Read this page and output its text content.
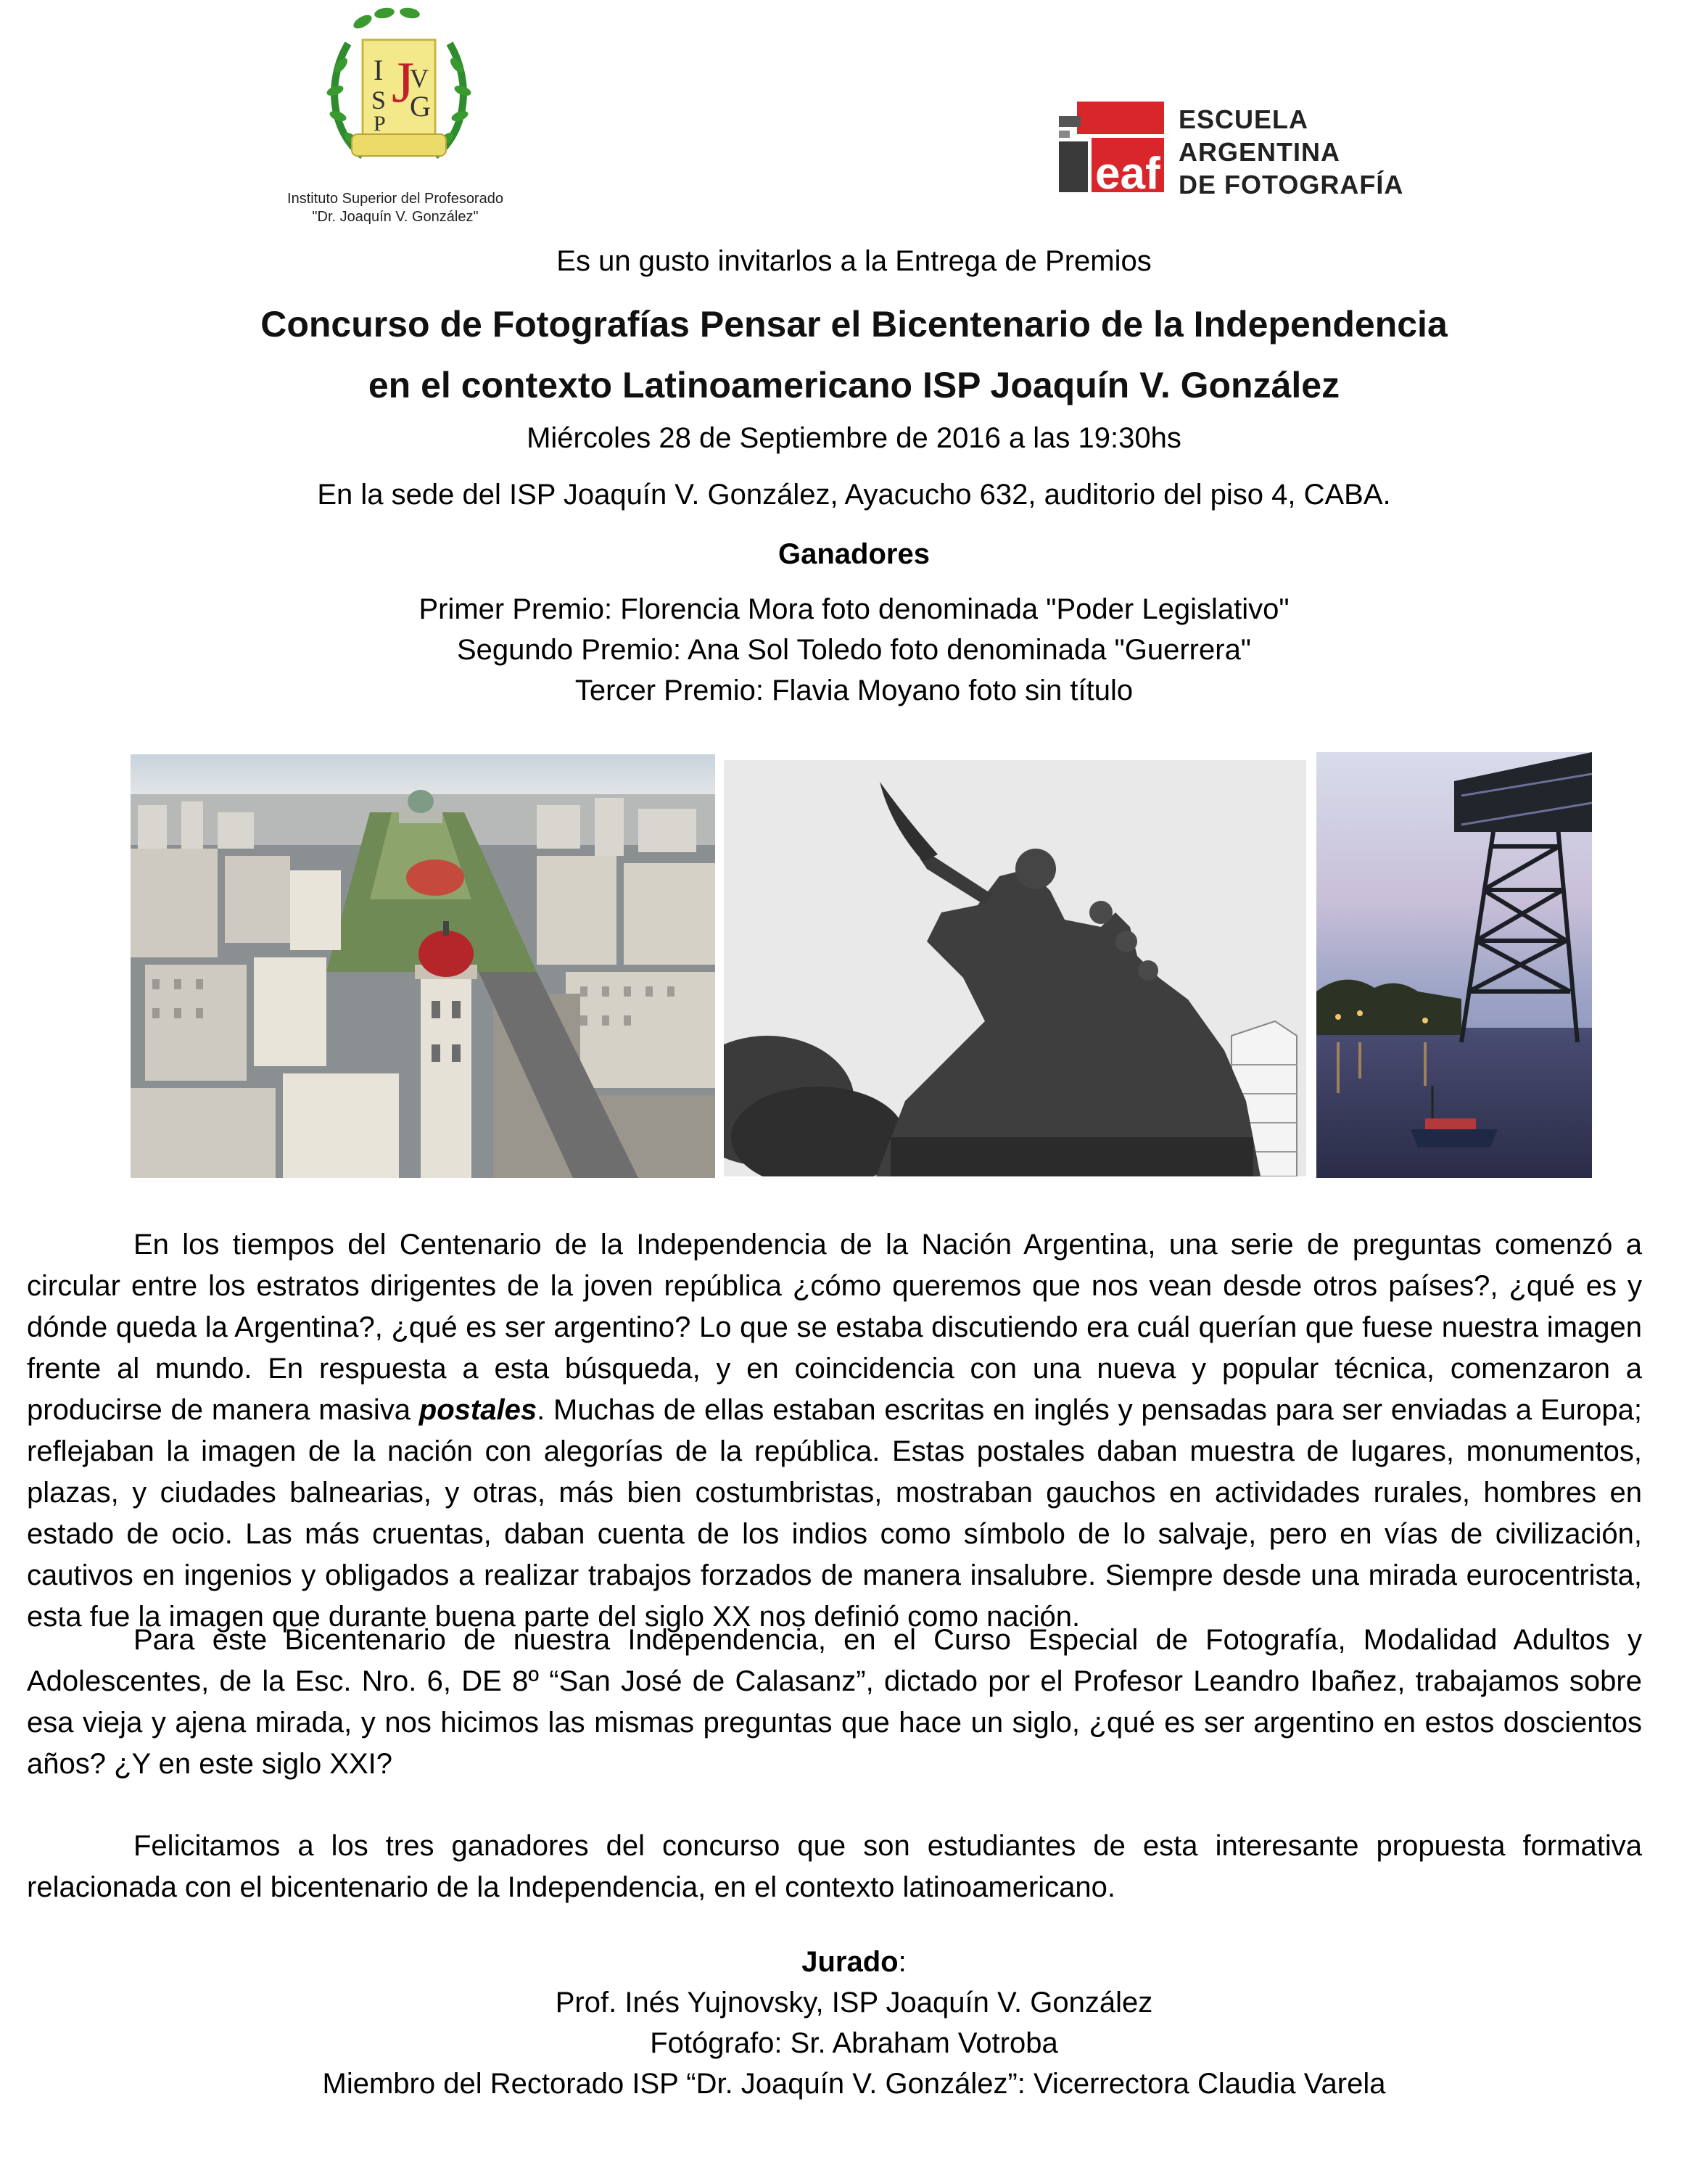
I
S
P
J
V
G
Instituto Superior del Profesorado
"Dr. Joaquín V. González"
eaf
ESCUELA
ARGENTINA
DE FOTOGRAFÍA
Es un gusto invitarlos a la Entrega de Premios
Concurso de Fotografías Pensar el Bicentenario de la Independencia
en el contexto Latinoamericano ISP Joaquín V. González
Miércoles 28 de Septiembre de 2016 a las 19:30hs
En la sede del ISP Joaquín V. González, Ayacucho 632, auditorio del piso 4, CABA.
Ganadores
Primer Premio: Florencia Mora foto denominada "Poder Legislativo"
Segundo Premio: Ana Sol Toledo foto denominada "Guerrera"
Tercer Premio: Flavia Moyano foto sin título
En los tiempos del Centenario de la Independencia de la Nación Argentina, una serie de preguntas comenzó a circular entre los estratos dirigentes de la joven república ¿cómo queremos que nos vean desde otros países?, ¿qué es y dónde queda la Argentina?, ¿qué es ser argentino? Lo que se estaba discutiendo era cuál querían que fuese nuestra imagen frente al mundo. En respuesta a esta búsqueda, y en coincidencia con una nueva y popular técnica, comenzaron a producirse de manera masiva postales. Muchas de ellas estaban escritas en inglés y pensadas para ser enviadas a Europa; reflejaban la imagen de la nación con alegorías de la república. Estas postales daban muestra de lugares, monumentos, plazas, y ciudades balnearias, y otras, más bien costumbristas, mostraban gauchos en actividades rurales, hombres en estado de ocio. Las más cruentas, daban cuenta de los indios como símbolo de lo salvaje, pero en vías de civilización, cautivos en ingenios y obligados a realizar trabajos forzados de manera insalubre. Siempre desde una mirada eurocentrista, esta fue la imagen que durante buena parte del siglo XX nos definió como nación.
Para este Bicentenario de nuestra Independencia, en el Curso Especial de Fotografía, Modalidad Adultos y Adolescentes, de la Esc. Nro. 6, DE 8º “San José de Calasanz”, dictado por el Profesor Leandro Ibañez, trabajamos sobre esa vieja y ajena mirada, y nos hicimos las mismas preguntas que hace un siglo, ¿qué es ser argentino en estos doscientos años? ¿Y en este siglo XXI?
Felicitamos a los tres ganadores del concurso que son estudiantes de esta interesante propuesta formativa relacionada con el bicentenario de la Independencia, en el contexto latinoamericano.
Jurado:
Prof. Inés Yujnovsky, ISP Joaquín V. González
Fotógrafo: Sr. Abraham Votroba
Miembro del Rectorado ISP “Dr. Joaquín V. González”: Vicerrectora Claudia Varela
